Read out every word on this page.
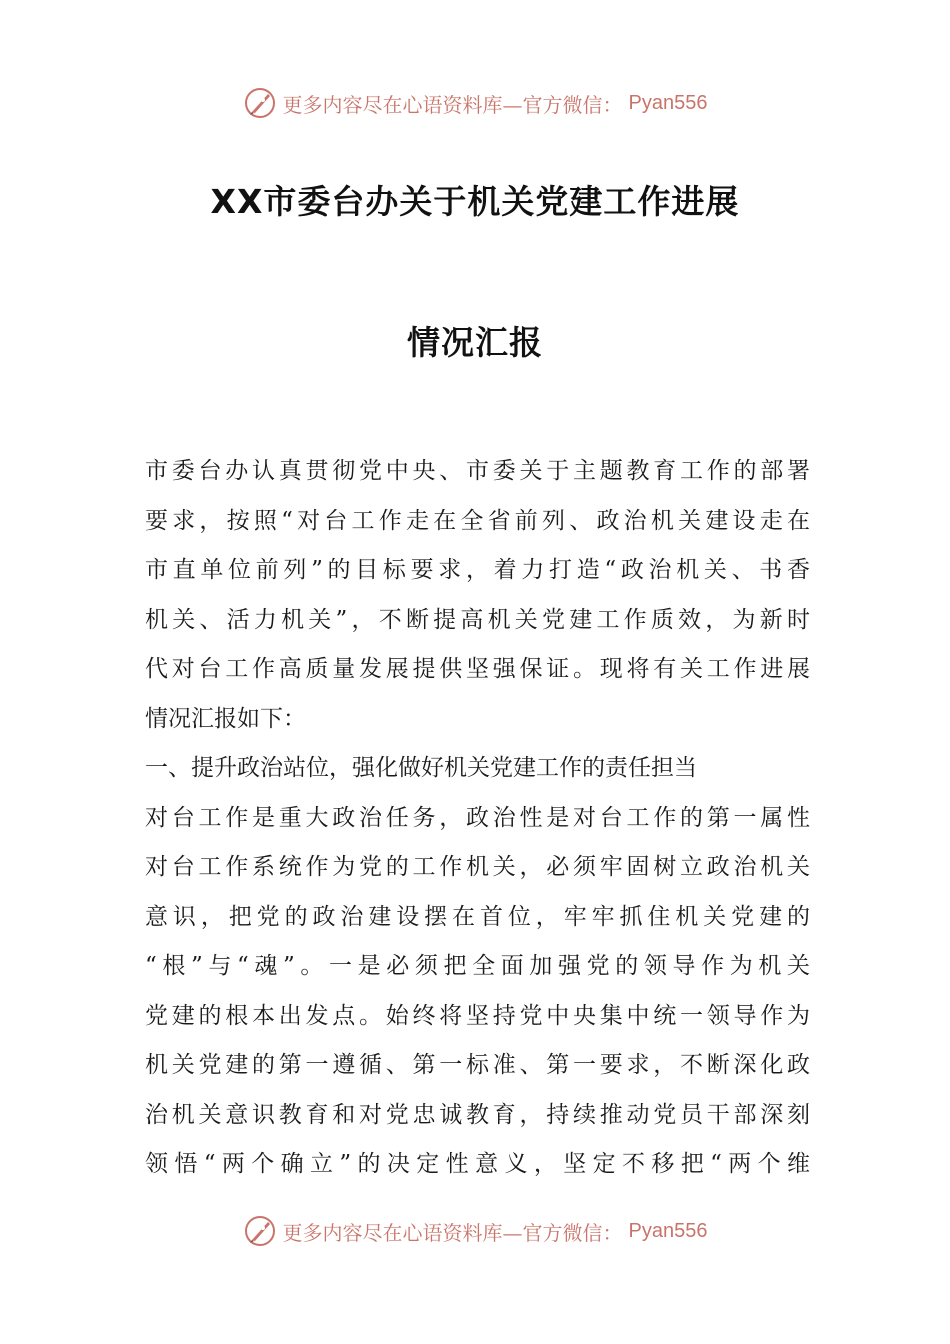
更多内容尽在心语资料库—官方微信： Pyan556
XX市委台办关于机关党建工作进展
情况汇报
市委台办认真贯彻党中央、市委关于主题教育工作的部署
要求，按照“对台工作走在全省前列、政治机关建设走在
市直单位前列”的目标要求，着力打造“政治机关、书香
机关、活力机关”，不断提高机关党建工作质效，为新时
代对台工作高质量发展提供坚强保证。现将有关工作进展
情况汇报如下：
一、提升政治站位，强化做好机关党建工作的责任担当
对台工作是重大政治任务，政治性是对台工作的第一属性
对台工作系统作为党的工作机关，必须牢固树立政治机关
意识，把党的政治建设摆在首位，牢牢抓住机关党建的
“根”与“魂”。一是必须把全面加强党的领导作为机关
党建的根本出发点。始终将坚持党中央集中统一领导作为
机关党建的第一遵循、第一标准、第一要求，不断深化政
治机关意识教育和对党忠诚教育，持续推动党员干部深刻
领悟“两个确立”的决定性意义，坚定不移把“两个维
更多内容尽在心语资料库—官方微信： Pyan556
